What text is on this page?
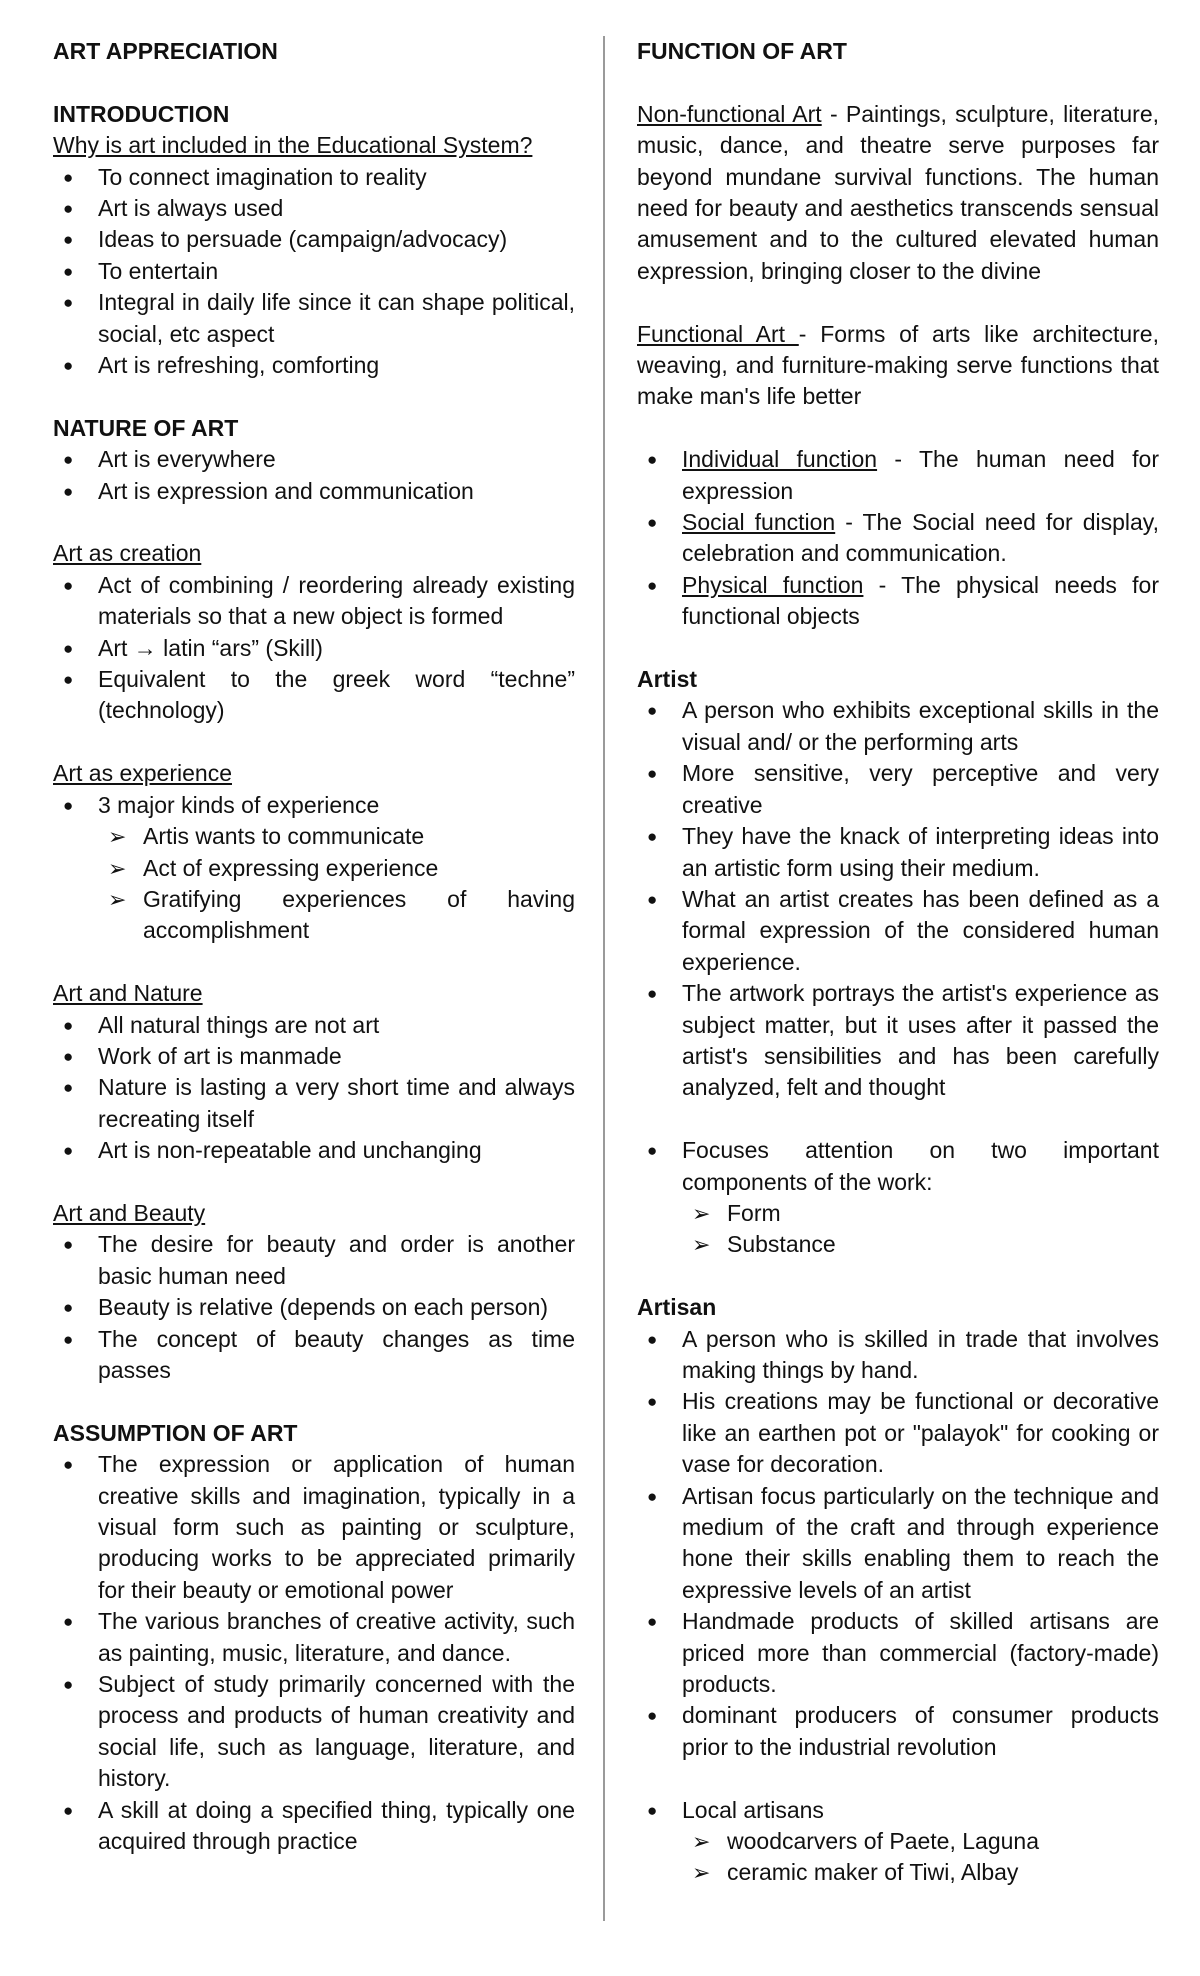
ART APPRECIATION

INTRODUCTION

Why is art included in the Educational System?

● To connect imagination to reality
● Art is always used
● Ideas to persuade (campaign/advocacy)
● To entertain
● Integral in daily life since it can shape political, social, etc aspect
● Art is refreshing, comforting

NATURE OF ART

● Art is everywhere
● Art is expression and communication

Art as creation

● Act of combining / reordering already existing materials so that a new object is formed
● Art → latin “ars” (Skill)
● Equivalent to the greek word “techne” (technology)

Art as experience

● 3 major kinds of experience
➢ Artis wants to communicate
➢ Act of expressing experience
➢ Gratifying experiences of having accomplishment

Art and Nature

● All natural things are not art
● Work of art is manmade
● Nature is lasting a very short time and always recreating itself
● Art is non-repeatable and unchanging

Art and Beauty

● The desire for beauty and order is another basic human need
● Beauty is relative (depends on each person)
● The concept of beauty changes as time passes

ASSUMPTION OF ART

● The expression or application of human creative skills and imagination, typically in a visual form such as painting or sculpture, producing works to be appreciated primarily for their beauty or emotional power
● The various branches of creative activity, such as painting, music, literature, and dance.
● Subject of study primarily concerned with the process and products of human creativity and social life, such as language, literature, and history.
● A skill at doing a specified thing, typically one acquired through practice

FUNCTION OF ART

Non-functional Art - Paintings, sculpture, literature, music, dance, and theatre serve purposes far beyond mundane survival functions. The human need for beauty and aesthetics transcends sensual amusement and to the cultured elevated human expression, bringing closer to the divine

Functional Art - Forms of arts like architecture, weaving, and furniture-making serve functions that make man's life better

● Individual function - The human need for expression
● Social function - The Social need for display, celebration and communication.
● Physical function - The physical needs for functional objects

Artist

● A person who exhibits exceptional skills in the visual and/ or the performing arts
● More sensitive, very perceptive and very creative
● They have the knack of interpreting ideas into an artistic form using their medium.
● What an artist creates has been defined as a formal expression of the considered human experience.
● The artwork portrays the artist's experience as subject matter, but it uses after it passed the artist's sensibilities and has been carefully analyzed, felt and thought
● Focuses attention on two important components of the work:
➢ Form
➢ Substance

Artisan

● A person who is skilled in trade that involves making things by hand.
● His creations may be functional or decorative like an earthen pot or "palayok" for cooking or vase for decoration.
● Artisan focus particularly on the technique and medium of the craft and through experience hone their skills enabling them to reach the expressive levels of an artist
● Handmade products of skilled artisans are priced more than commercial (factory-made) products.
● dominant producers of consumer products prior to the industrial revolution
● Local artisans
➢ woodcarvers of Paete, Laguna
➢ ceramic maker of Tiwi, Albay
